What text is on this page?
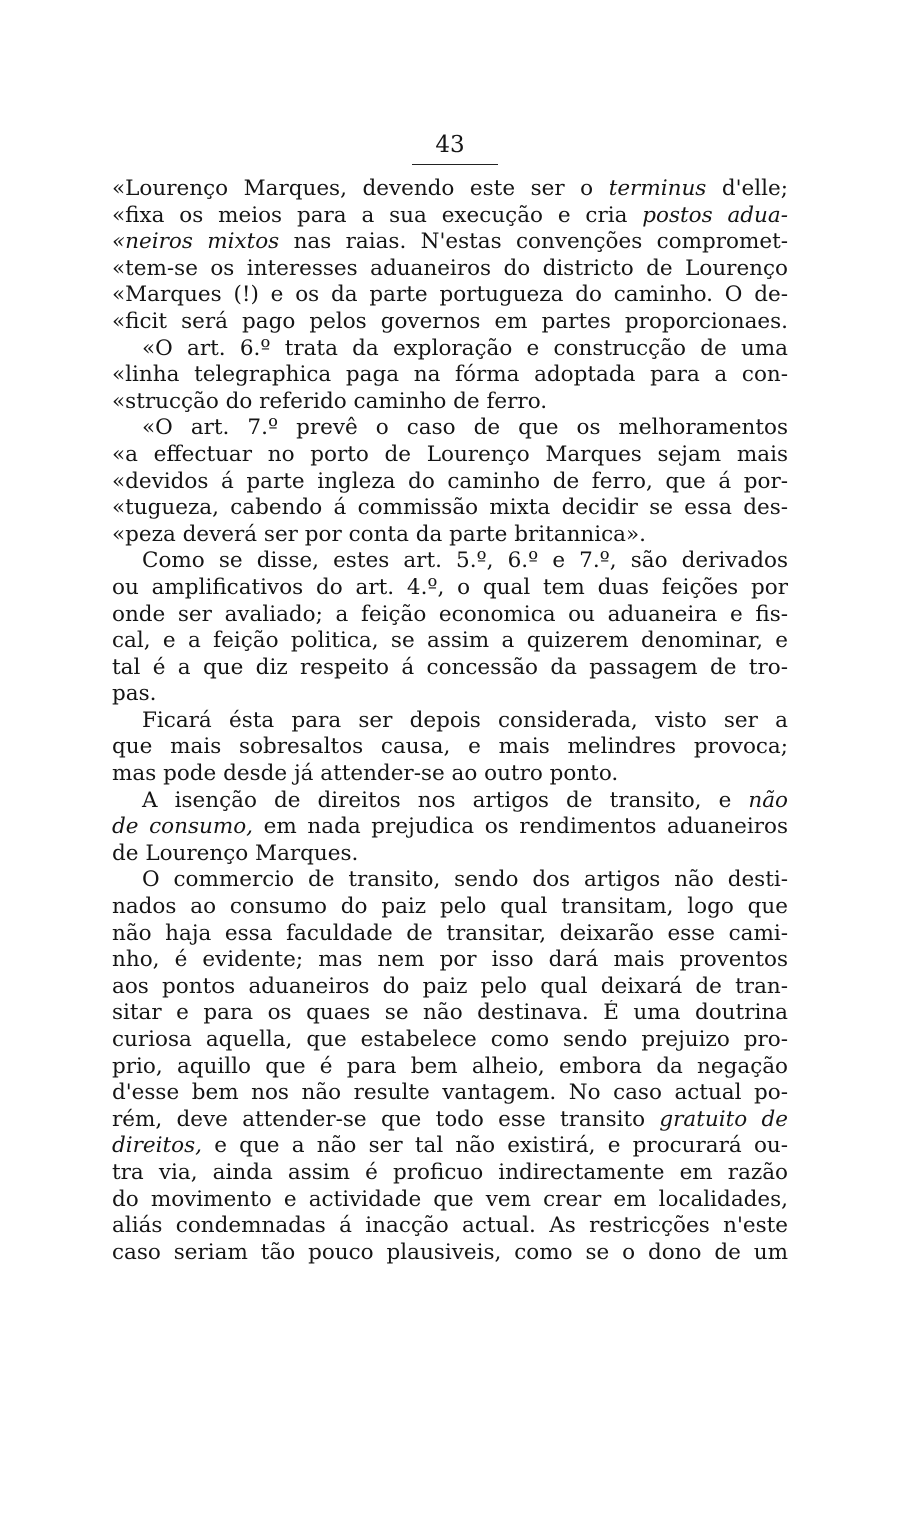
43
«Lourenço Marques, devendo este ser o terminus d'elle;
«fixa os meios para a sua execução e cria postos adua-
«neiros mixtos nas raias. N'estas convenções compromet-
«tem-se os interesses aduaneiros do districto de Lourenço
«Marques (!) e os da parte portugueza do caminho. O de-
«ficit será pago pelos governos em partes proporcionaes.
«O art. 6.º trata da exploração e construcção de uma
«linha telegraphica paga na fórma adoptada para a con-
«strucção do referido caminho de ferro.
«O art. 7.º prevê o caso de que os melhoramentos
«a effectuar no porto de Lourenço Marques sejam mais
«devidos á parte ingleza do caminho de ferro, que á por-
«tugueza, cabendo á commissão mixta decidir se essa des-
«peza deverá ser por conta da parte britannica».
Como se disse, estes art. 5.º, 6.º e 7.º, são derivados
ou amplificativos do art. 4.º, o qual tem duas feições por
onde ser avaliado; a feição economica ou aduaneira e fis-
cal, e a feição politica, se assim a quizerem denominar, e
tal é a que diz respeito á concessão da passagem de tro-
pas.
Ficará ésta para ser depois considerada, visto ser a
que mais sobresaltos causa, e mais melindres provoca;
mas pode desde já attender-se ao outro ponto.
A isenção de direitos nos artigos de transito, e não
de consumo, em nada prejudica os rendimentos aduaneiros
de Lourenço Marques.
O commercio de transito, sendo dos artigos não desti-
nados ao consumo do paiz pelo qual transitam, logo que
não haja essa faculdade de transitar, deixarão esse cami-
nho, é evidente; mas nem por isso dará mais proventos
aos pontos aduaneiros do paiz pelo qual deixará de tran-
sitar e para os quaes se não destinava. É uma doutrina
curiosa aquella, que estabelece como sendo prejuizo pro-
prio, aquillo que é para bem alheio, embora da negação
d'esse bem nos não resulte vantagem. No caso actual po-
rém, deve attender-se que todo esse transito gratuito de
direitos, e que a não ser tal não existirá, e procurará ou-
tra via, ainda assim é proficuo indirectamente em razão
do movimento e actividade que vem crear em localidades,
aliás condemnadas á inacção actual. As restricções n'este
caso seriam tão pouco plausiveis, como se o dono de um
